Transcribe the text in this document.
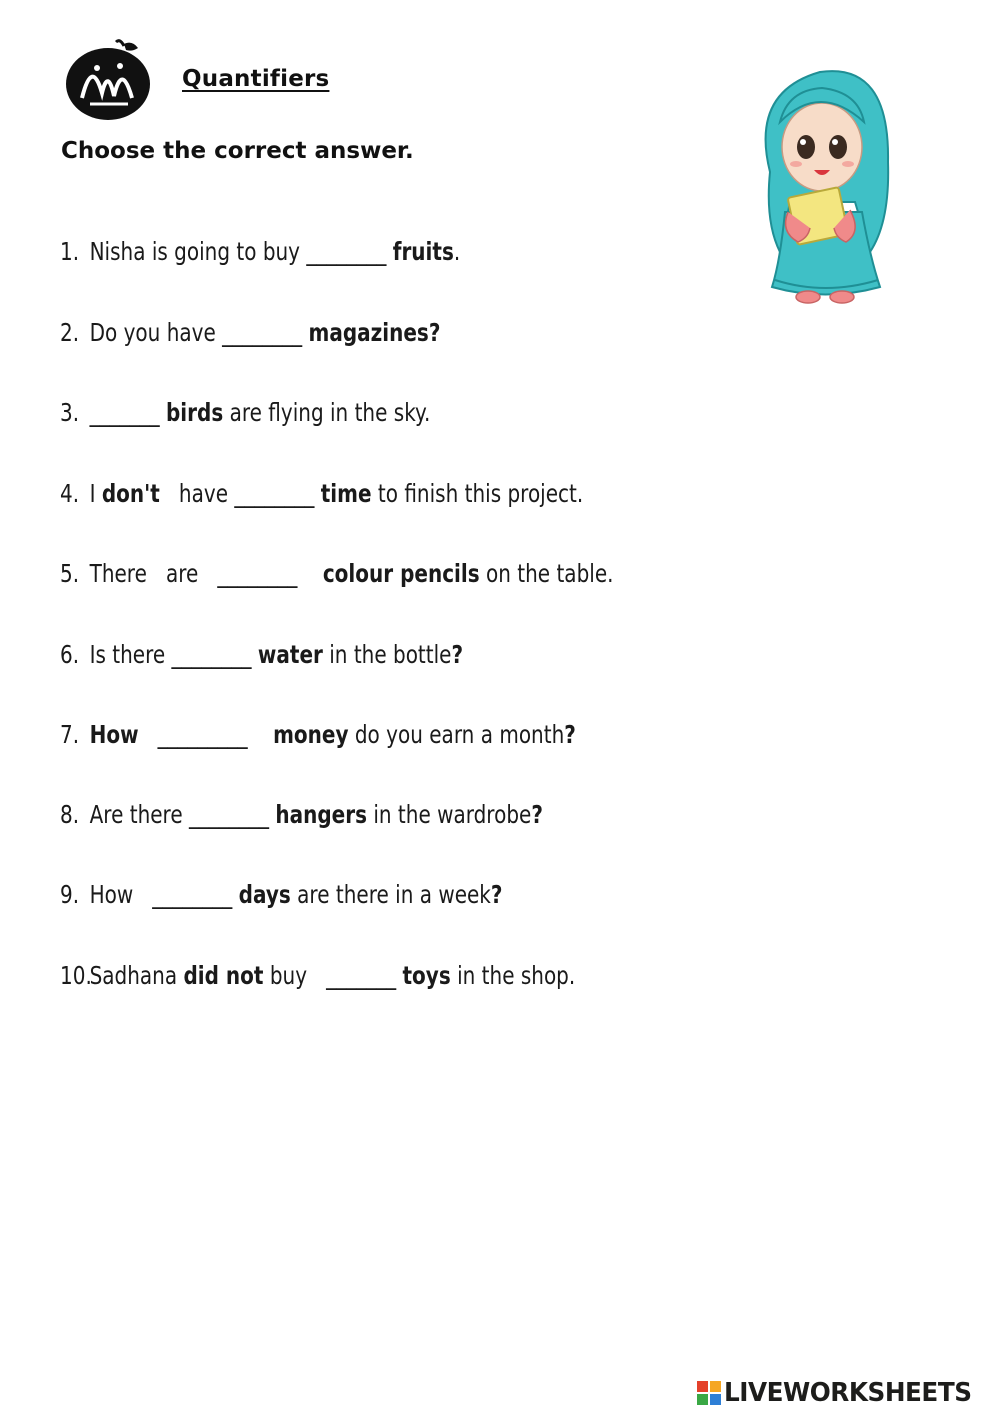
Quantifiers
Choose the correct answer.
1. Nisha is going to buy ________ fruits.
2. Do you have ________ magazines?
3. _______ birds are flying in the sky.
4. I don't   have ________ time to finish this project.
5. There   are   ________    colour pencils on the table.
6. Is there ________ water in the bottle?
7. How   _________    money do you earn a month?
8. Are there ________ hangers in the wardrobe?
9. How   ________ days are there in a week?
10.Sadhana did not buy   _______ toys in the shop.
LIVEWORKSHEETS
